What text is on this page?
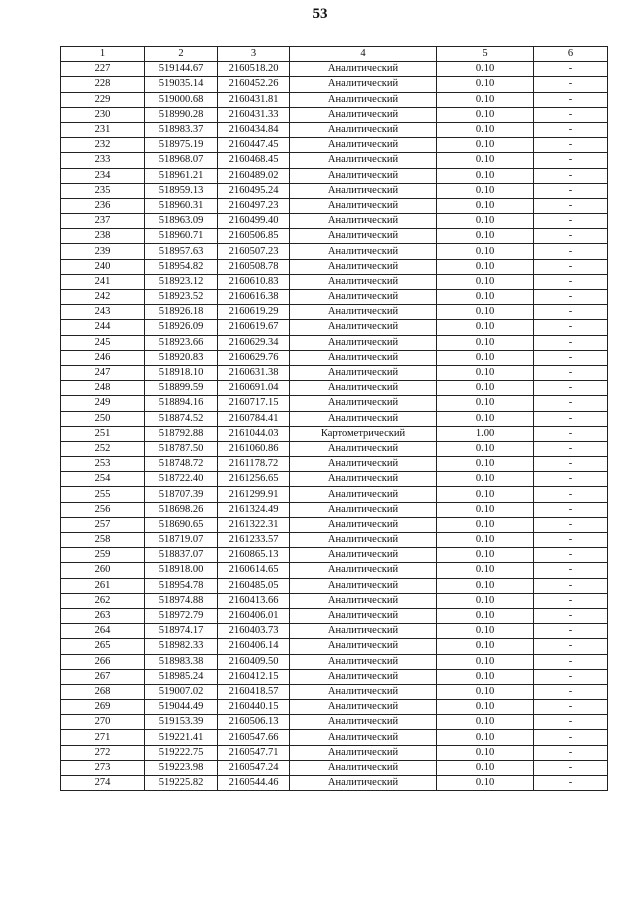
53
1	2	3	4	5	6
227	519144.67	2160518.20	Аналитический	0.10	-
228	519035.14	2160452.26	Аналитический	0.10	-
229	519000.68	2160431.81	Аналитический	0.10	-
230	518990.28	2160431.33	Аналитический	0.10	-
231	518983.37	2160434.84	Аналитический	0.10	-
232	518975.19	2160447.45	Аналитический	0.10	-
233	518968.07	2160468.45	Аналитический	0.10	-
234	518961.21	2160489.02	Аналитический	0.10	-
235	518959.13	2160495.24	Аналитический	0.10	-
236	518960.31	2160497.23	Аналитический	0.10	-
237	518963.09	2160499.40	Аналитический	0.10	-
238	518960.71	2160506.85	Аналитический	0.10	-
239	518957.63	2160507.23	Аналитический	0.10	-
240	518954.82	2160508.78	Аналитический	0.10	-
241	518923.12	2160610.83	Аналитический	0.10	-
242	518923.52	2160616.38	Аналитический	0.10	-
243	518926.18	2160619.29	Аналитический	0.10	-
244	518926.09	2160619.67	Аналитический	0.10	-
245	518923.66	2160629.34	Аналитический	0.10	-
246	518920.83	2160629.76	Аналитический	0.10	-
247	518918.10	2160631.38	Аналитический	0.10	-
248	518899.59	2160691.04	Аналитический	0.10	-
249	518894.16	2160717.15	Аналитический	0.10	-
250	518874.52	2160784.41	Аналитический	0.10	-
251	518792.88	2161044.03	Картометрический	1.00	-
252	518787.50	2161060.86	Аналитический	0.10	-
253	518748.72	2161178.72	Аналитический	0.10	-
254	518722.40	2161256.65	Аналитический	0.10	-
255	518707.39	2161299.91	Аналитический	0.10	-
256	518698.26	2161324.49	Аналитический	0.10	-
257	518690.65	2161322.31	Аналитический	0.10	-
258	518719.07	2161233.57	Аналитический	0.10	-
259	518837.07	2160865.13	Аналитический	0.10	-
260	518918.00	2160614.65	Аналитический	0.10	-
261	518954.78	2160485.05	Аналитический	0.10	-
262	518974.88	2160413.66	Аналитический	0.10	-
263	518972.79	2160406.01	Аналитический	0.10	-
264	518974.17	2160403.73	Аналитический	0.10	-
265	518982.33	2160406.14	Аналитический	0.10	-
266	518983.38	2160409.50	Аналитический	0.10	-
267	518985.24	2160412.15	Аналитический	0.10	-
268	519007.02	2160418.57	Аналитический	0.10	-
269	519044.49	2160440.15	Аналитический	0.10	-
270	519153.39	2160506.13	Аналитический	0.10	-
271	519221.41	2160547.66	Аналитический	0.10	-
272	519222.75	2160547.71	Аналитический	0.10	-
273	519223.98	2160547.24	Аналитический	0.10	-
274	519225.82	2160544.46	Аналитический	0.10	-
